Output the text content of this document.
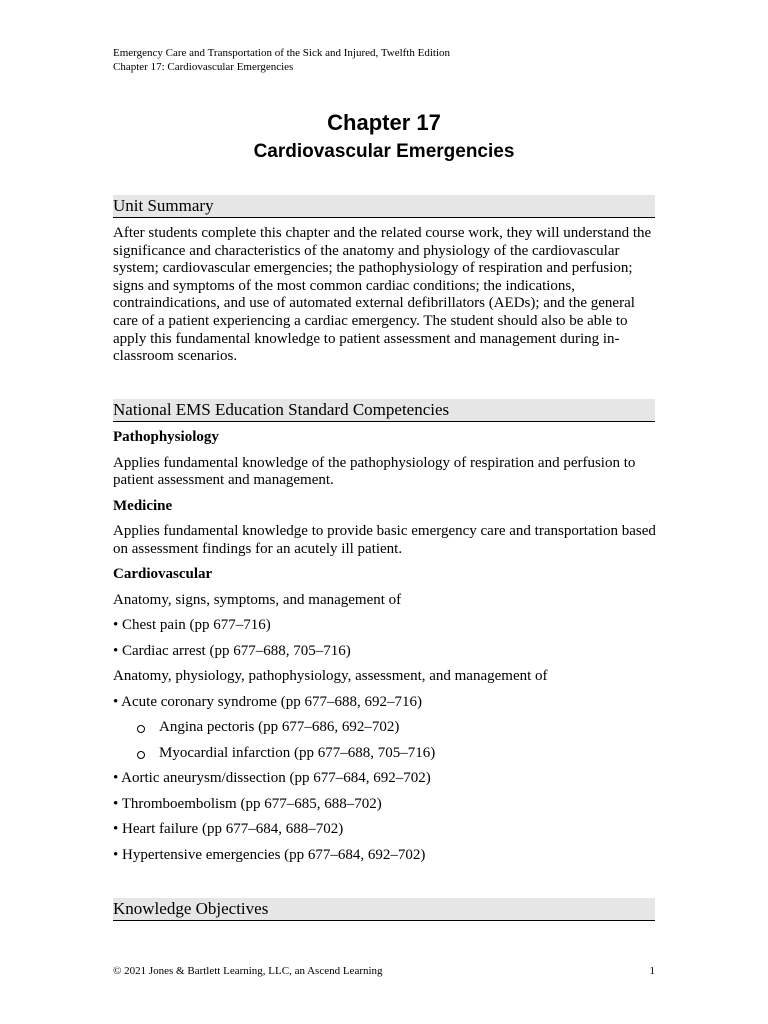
Emergency Care and Transportation of the Sick and Injured, Twelfth Edition
Chapter 17: Cardiovascular Emergencies
Chapter 17
Cardiovascular Emergencies
Unit Summary

After students complete this chapter and the related course work, they will understand the significance and characteristics of the anatomy and physiology of the cardiovascular system; cardiovascular emergencies; the pathophysiology of respiration and perfusion; signs and symptoms of the most common cardiac conditions; the indications, contraindications, and use of automated external defibrillators (AEDs); and the general care of a patient experiencing a cardiac emergency. The student should also be able to apply this fundamental knowledge to patient assessment and management during in-classroom scenarios.

National EMS Education Standard Competencies

Pathophysiology

Applies fundamental knowledge of the pathophysiology of respiration and perfusion to patient assessment and management.

Medicine

Applies fundamental knowledge to provide basic emergency care and transportation based on assessment findings for an acutely ill patient.

Cardiovascular

Anatomy, signs, symptoms, and management of

• Chest pain (pp 677–716)

• Cardiac arrest (pp 677–688, 705–716)

Anatomy, physiology, pathophysiology, assessment, and management of

• Acute coronary syndrome (pp 677–688, 692–716)

Angina pectoris (pp 677–686, 692–702)
Myocardial infarction (pp 677–688, 705–716)

• Aortic aneurysm/dissection (pp 677–684, 692–702)

• Thromboembolism (pp 677–685, 688–702)

• Heart failure (pp 677–684, 688–702)

• Hypertensive emergencies (pp 677–684, 692–702)

Knowledge Objectives
© 2021 Jones & Bartlett Learning, LLC, an Ascend Learning	1
